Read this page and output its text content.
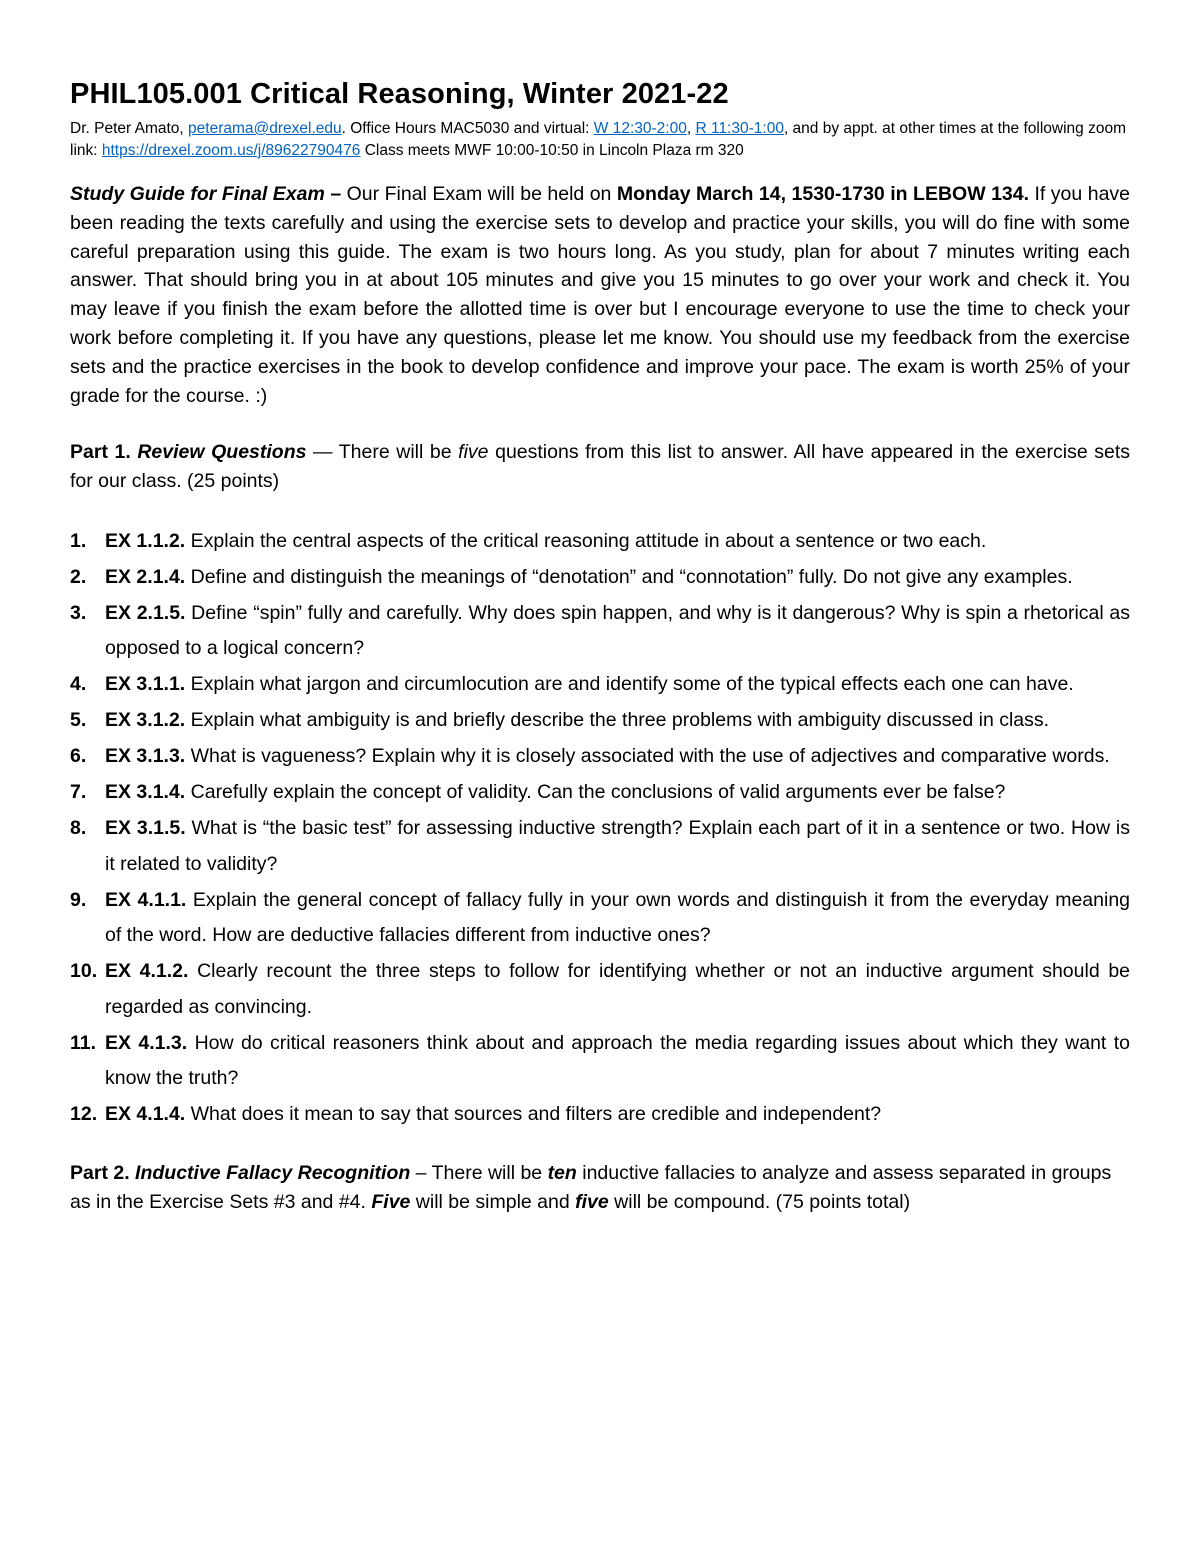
PHIL105.001 Critical Reasoning, Winter 2021-22
Dr. Peter Amato, peterama@drexel.edu. Office Hours MAC5030 and virtual: W 12:30-2:00, R 11:30-1:00, and by appt. at other times at the following zoom link: https://drexel.zoom.us/j/89622790476 Class meets MWF 10:00-10:50 in Lincoln Plaza rm 320
Study Guide for Final Exam – Our Final Exam will be held on Monday March 14, 1530-1730 in LEBOW 134. If you have been reading the texts carefully and using the exercise sets to develop and practice your skills, you will do fine with some careful preparation using this guide. The exam is two hours long. As you study, plan for about 7 minutes writing each answer. That should bring you in at about 105 minutes and give you 15 minutes to go over your work and check it. You may leave if you finish the exam before the allotted time is over but I encourage everyone to use the time to check your work before completing it. If you have any questions, please let me know. You should use my feedback from the exercise sets and the practice exercises in the book to develop confidence and improve your pace. The exam is worth 25% of your grade for the course. :)
Part 1. Review Questions — There will be five questions from this list to answer. All have appeared in the exercise sets for our class. (25 points)
1. EX 1.1.2. Explain the central aspects of the critical reasoning attitude in about a sentence or two each.
2. EX 2.1.4. Define and distinguish the meanings of “denotation” and “connotation” fully. Do not give any examples.
3. EX 2.1.5. Define “spin” fully and carefully. Why does spin happen, and why is it dangerous? Why is spin a rhetorical as opposed to a logical concern?
4. EX 3.1.1. Explain what jargon and circumlocution are and identify some of the typical effects each one can have.
5. EX 3.1.2. Explain what ambiguity is and briefly describe the three problems with ambiguity discussed in class.
6. EX 3.1.3. What is vagueness? Explain why it is closely associated with the use of adjectives and comparative words.
7. EX 3.1.4. Carefully explain the concept of validity. Can the conclusions of valid arguments ever be false?
8. EX 3.1.5. What is “the basic test” for assessing inductive strength? Explain each part of it in a sentence or two. How is it related to validity?
9. EX 4.1.1. Explain the general concept of fallacy fully in your own words and distinguish it from the everyday meaning of the word. How are deductive fallacies different from inductive ones?
10. EX 4.1.2. Clearly recount the three steps to follow for identifying whether or not an inductive argument should be regarded as convincing.
11. EX 4.1.3. How do critical reasoners think about and approach the media regarding issues about which they want to know the truth?
12. EX 4.1.4. What does it mean to say that sources and filters are credible and independent?
Part 2. Inductive Fallacy Recognition – There will be ten inductive fallacies to analyze and assess separated in groups as in the Exercise Sets #3 and #4. Five will be simple and five will be compound. (75 points total)
